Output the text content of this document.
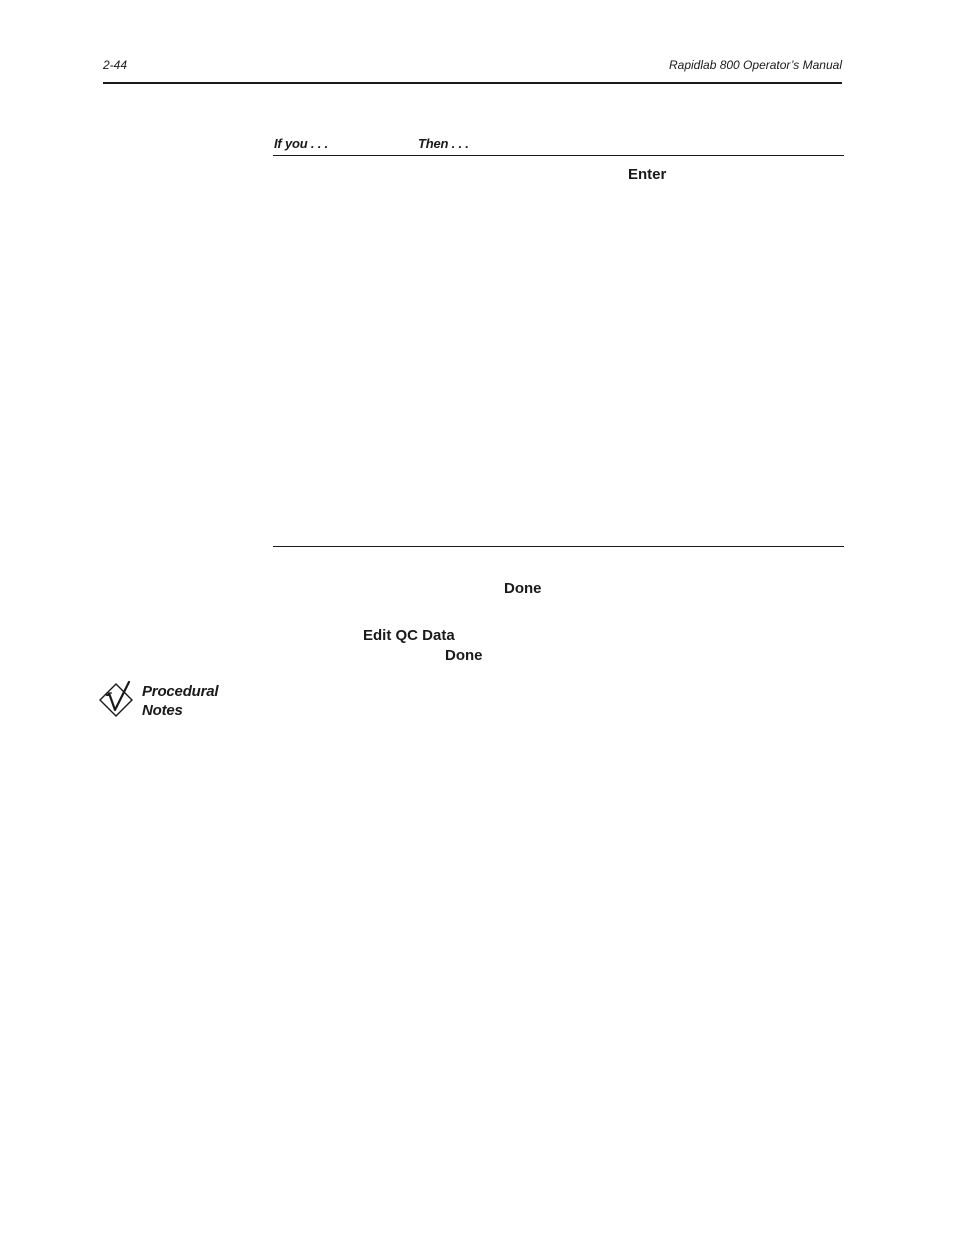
2-44	Rapidlab 800 Operator’s Manual
If you . . .	Then . . .
Enter
Done
Edit QC Data
Done
Procedural
Notes
